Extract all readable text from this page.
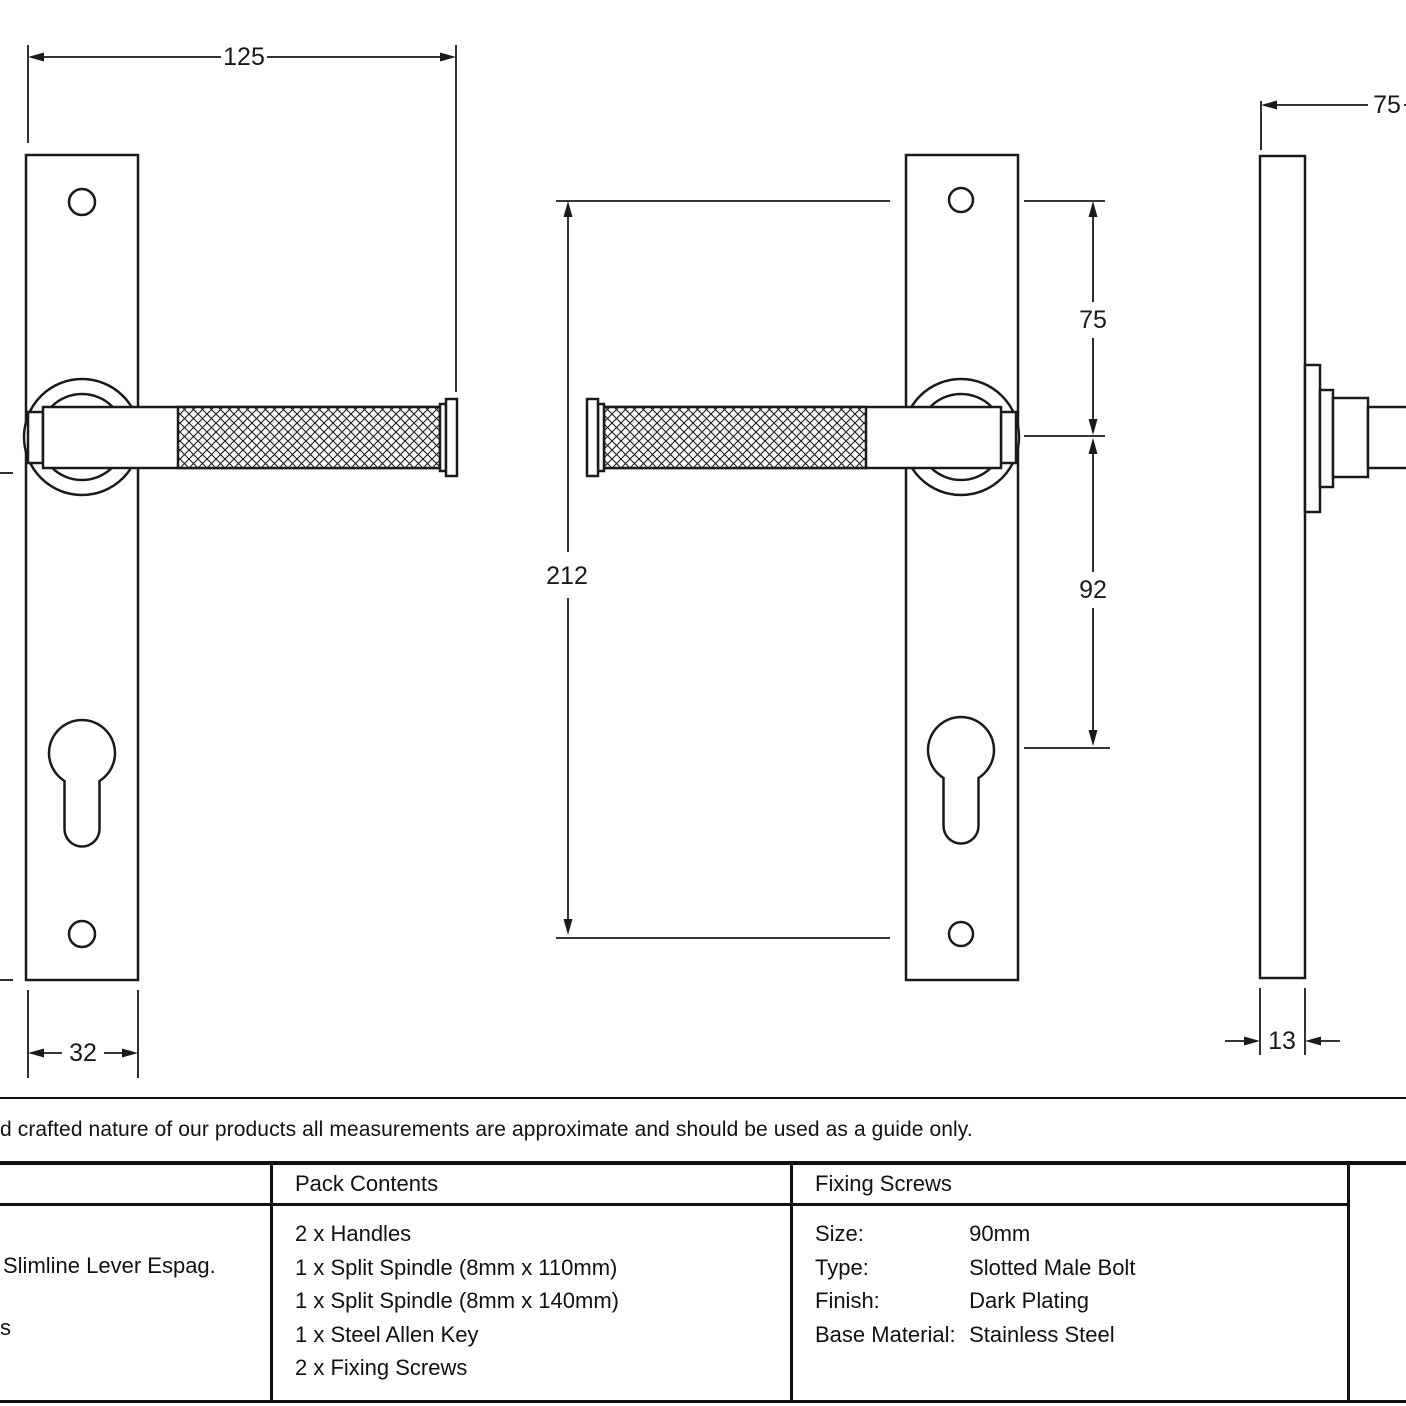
125
32
212
75
92
75
13
d crafted nature of our products all measurements are approximate and should be used as a guide only.
Slimline Lever Espag.
s
Pack Contents
2 x Handles
1 x Split Spindle (8mm x 110mm)
1 x Split Spindle (8mm x 140mm)
1 x Steel Allen Key
2 x Fixing Screws
Fixing Screws
Size:	90mm
Type:	Slotted Male Bolt
Finish:	Dark Plating
Base Material: Stainless Steel
